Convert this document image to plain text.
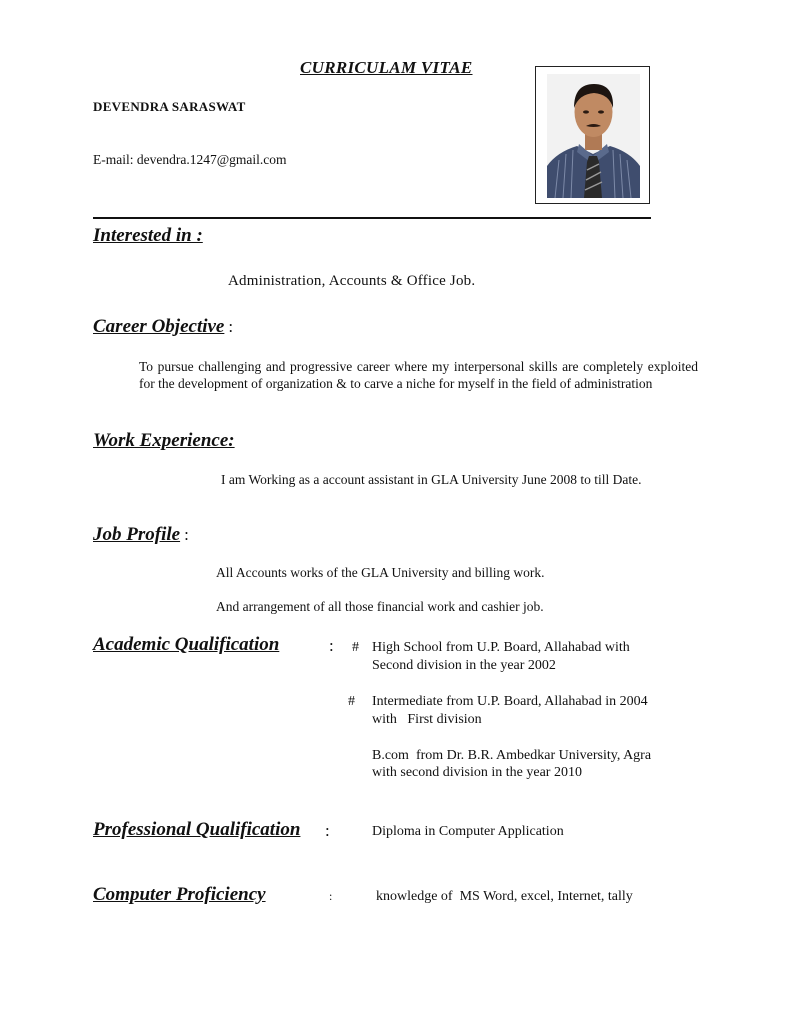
CURRICULAM VITAE
DEVENDRA SARASWAT
E-mail: devendra.1247@gmail.com
Interested in :
Administration, Accounts & Office Job.
Career Objective :
To pursue challenging and progressive career where my interpersonal skills are completely exploited for the development of organization & to carve a niche for myself in the field of administration
Work Experience:
I am Working as a account assistant in GLA University June 2008 to till Date.
Job Profile :
All Accounts works of the GLA University and billing work.
And arrangement of all those financial work and cashier job.
Academic Qualification	: # High School from U.P. Board, Allahabad with
Second division in the year 2002
# Intermediate from U.P. Board, Allahabad in 2004
with   First division
B.com  from Dr. B.R. Ambedkar University, Agra
with second division in the year 2010
Professional Qualification :	Diploma in Computer Application
Computer Proficiency	:	knowledge of  MS Word, excel, Internet, tally
